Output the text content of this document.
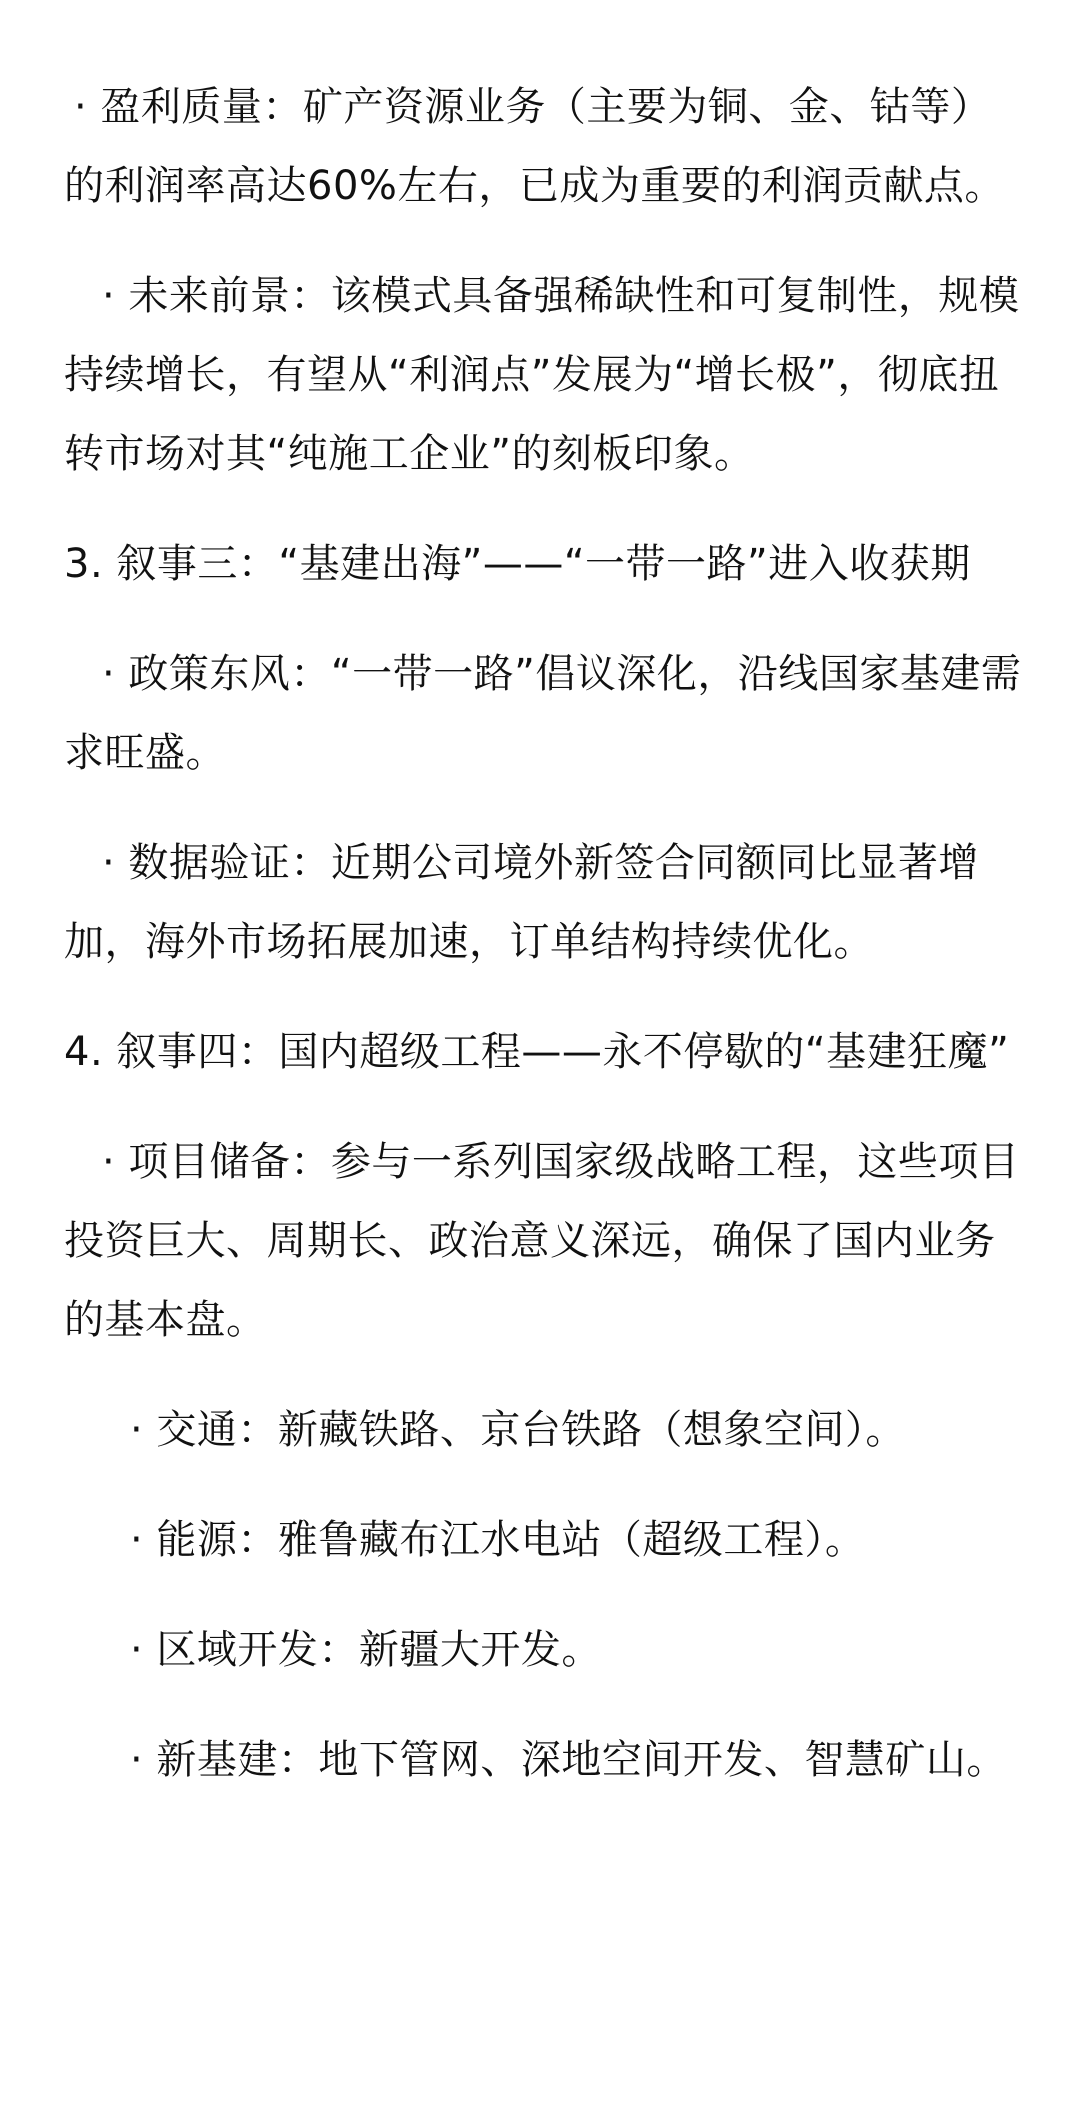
· 盈利质量：矿产资源业务（主要为铜、金、钴等）的利润率高达60%左右，已成为重要的利润贡献点。

· 未来前景：该模式具备强稀缺性和可复制性，规模持续增长，有望从“利润点”发展为“增长极”，彻底扭转市场对其“纯施工企业”的刻板印象。

3. 叙事三：“基建出海”——“一带一路”进入收获期

· 政策东风：“一带一路”倡议深化，沿线国家基建需求旺盛。

· 数据验证：近期公司境外新签合同额同比显著增加，海外市场拓展加速，订单结构持续优化。

4. 叙事四：国内超级工程——永不停歇的“基建狂魔”

· 项目储备：参与一系列国家级战略工程，这些项目投资巨大、周期长、政治意义深远，确保了国内业务的基本盘。

· 交通：新藏铁路、京台铁路（想象空间）。

· 能源：雅鲁藏布江水电站（超级工程）。

· 区域开发：新疆大开发。

· 新基建：地下管网、深地空间开发、智慧矿山。
